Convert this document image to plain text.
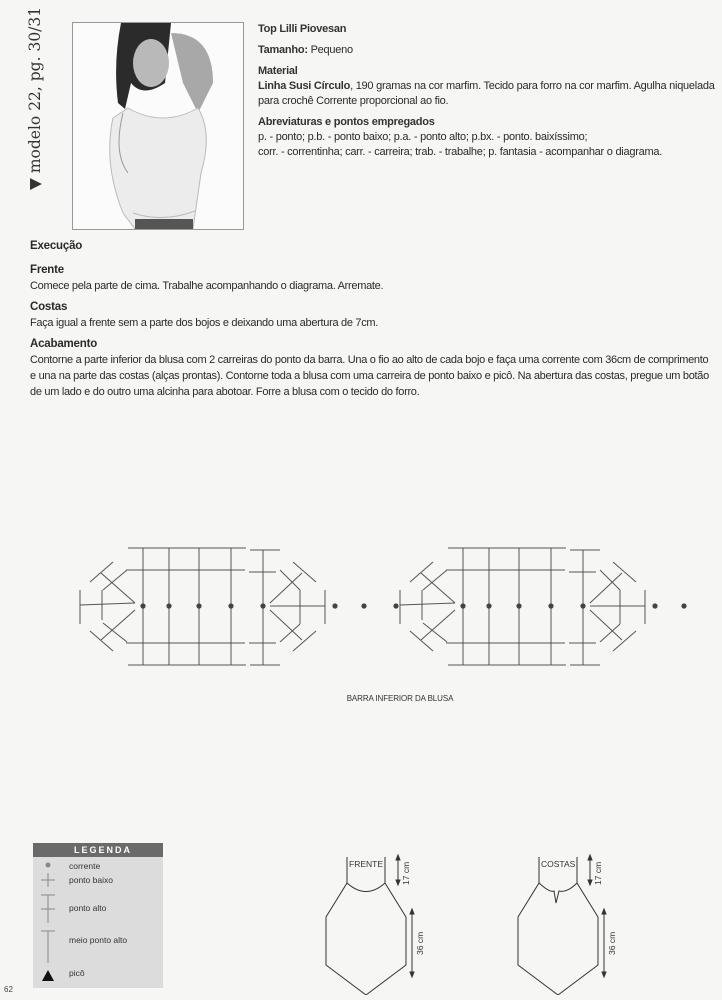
▼ modelo 22, pg. 30/31	Top Lilli Piovesan

Tamanho: Pequeno

Material
Linha Susi Círculo, 190 gramas na cor marfim. Tecido para forro na cor marfim. Agulha niquelada para crochê Corrente proporcional ao fio.

Abreviaturas e pontos empregados
p. - ponto; p.b. - ponto baixo; p.a. - ponto alto; p.bx. - ponto. baixíssimo;
corr. - correntinha; carr. - carreira; trab. - trabalhe; p. fantasia - acompanhar o diagrama.

Execução
Frente

Comece pela parte de cima. Trabalhe acompanhando o diagrama. Arremate.

Costas

Faça igual a frente sem a parte dos bojos e deixando uma abertura de 7cm.

Acabamento

Contorne a parte inferior da blusa com 2 carreiras do ponto da barra. Una o fio ao alto de cada bojo e faça uma corrente com 36cm de comprimento e una na parte das costas (alças prontas). Contorne toda a blusa com uma carreira de ponto baixo e picô. Na abertura das costas, pregue um botão de um lado e do outro uma alcinha para abotoar. Forre a blusa com o tecido do forro.

BARRA INFERIOR DA BLUSA
LEGENDA
corrente
ponto baixo
ponto alto
meio ponto alto
picô
FRENTE 17 cm
36 cm
COSTAS 17 cm
36 cm
62
